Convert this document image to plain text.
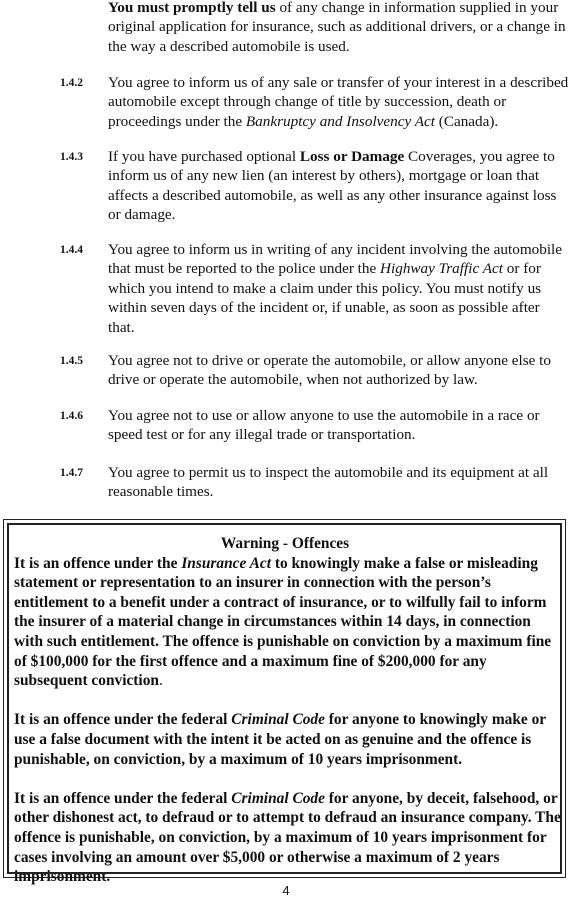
You must promptly tell us of any change in information supplied in your original application for insurance, such as additional drivers, or a change in the way a described automobile is used.
1.4.2 You agree to inform us of any sale or transfer of your interest in a described automobile except through change of title by succession, death or proceedings under the Bankruptcy and Insolvency Act (Canada).
1.4.3 If you have purchased optional Loss or Damage Coverages, you agree to inform us of any new lien (an interest by others), mortgage or loan that affects a described automobile, as well as any other insurance against loss or damage.
1.4.4 You agree to inform us in writing of any incident involving the automobile that must be reported to the police under the Highway Traffic Act or for which you intend to make a claim under this policy. You must notify us within seven days of the incident or, if unable, as soon as possible after that.
1.4.5 You agree not to drive or operate the automobile, or allow anyone else to drive or operate the automobile, when not authorized by law.
1.4.6 You agree not to use or allow anyone to use the automobile in a race or speed test or for any illegal trade or transportation.
1.4.7 You agree to permit us to inspect the automobile and its equipment at all reasonable times.
Warning - Offences

It is an offence under the Insurance Act to knowingly make a false or misleading statement or representation to an insurer in connection with the person’s entitlement to a benefit under a contract of insurance, or to wilfully fail to inform the insurer of a material change in circumstances within 14 days, in connection with such entitlement. The offence is punishable on conviction by a maximum fine of $100,000 for the first offence and a maximum fine of $200,000 for any subsequent conviction.

It is an offence under the federal Criminal Code for anyone to knowingly make or use a false document with the intent it be acted on as genuine and the offence is punishable, on conviction, by a maximum of 10 years imprisonment.

It is an offence under the federal Criminal Code for anyone, by deceit, falsehood, or other dishonest act, to defraud or to attempt to defraud an insurance company. The offence is punishable, on conviction, by a maximum of 10 years imprisonment for cases involving an amount over $5,000 or otherwise a maximum of 2 years imprisonment.

4
